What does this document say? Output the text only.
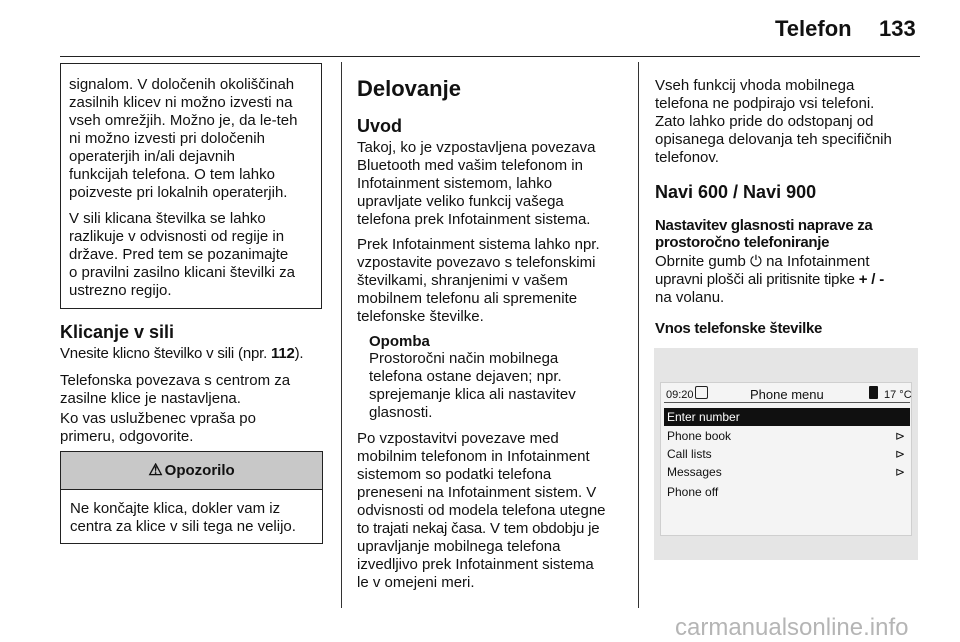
Telefon 133

signalom. V določenih okoliščinah

zasilnih klicev ni možno izvesti na

vseh omrežjih. Možno je, da le-teh

ni možno izvesti pri določenih

operaterjih in/ali dejavnih

funkcijah telefona. O tem lahko

poizveste pri lokalnih operaterjih.

V sili klicana številka se lahko

razlikuje v odvisnosti od regije in

države. Pred tem se pozanimajte

o pravilni zasilno klicani številki za

ustrezno regijo.

Klicanje v sili

Vnesite klicno številko v sili (npr. 112).

Telefonska povezava s centrom za

zasilne klice je nastavljena.

Ko vas uslužbenec vpraša po

primeru, odgovorite.

⚠ Opozorilo

Ne končajte klica, dokler vam iz

centra za klice v sili tega ne velijo.

Delovanje
Uvod

Takoj, ko je vzpostavljena povezava

Bluetooth med vašim telefonom in

Infotainment sistemom, lahko

upravljate veliko funkcij vašega

telefona prek Infotainment sistema.

Prek Infotainment sistema lahko npr.

vzpostavite povezavo s telefonskimi

številkami, shranjenimi v vašem

mobilnem telefonu ali spremenite

telefonske številke.

Opomba

Prostoročni način mobilnega

telefona ostane dejaven; npr.

sprejemanje klica ali nastavitev

glasnosti.

Po vzpostavitvi povezave med

mobilnim telefonom in Infotainment

sistemom so podatki telefona

preneseni na Infotainment sistem. V

odvisnosti od modela telefona utegne

to trajati nekaj časa. V tem obdobju je

upravljanje mobilnega telefona

izvedljivo prek Infotainment sistema

le v omejeni meri.

Vseh funkcij vhoda mobilnega

telefona ne podpirajo vsi telefoni.

Zato lahko pride do odstopanj od

opisanega delovanja teh specifičnih

telefonov.

Navi 600 / Navi 900

Nastavitev glasnosti naprave za

prostoročno telefoniranje

Obrnite gumb ⏻ na Infotainment

upravni plošči ali pritisnite tipke + / -

na volanu.

Vnos telefonske številke

09:20	Phone menu	17 °C
Enter number
Phone book	⊳
Call lists	⊳
Messages	⊳
Phone off
carmanualsonline.info
